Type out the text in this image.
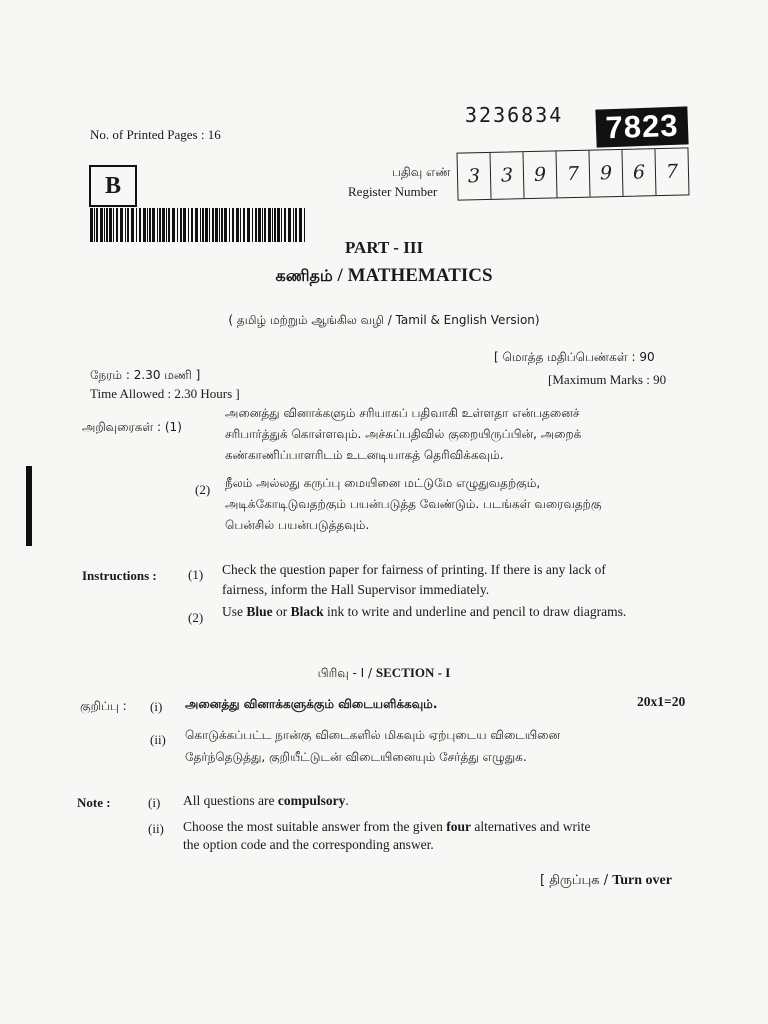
No. of Printed Pages : 16
3236834	7823
B
பதிவு எண்
Register Number
3	3	9	7	9	6	7
PART - III
கணிதம் / MATHEMATICS
( தமிழ் மற்றும் ஆங்கில வழி / Tamil & English Version)
நேரம் : 2.30 மணி ]
Time Allowed : 2.30 Hours ]
[ மொத்த மதிப்பெண்கள் : 90
[Maximum Marks : 90
அறிவுரைகள் : (1)
அனைத்து வினாக்களும் சரியாகப் பதிவாகி உள்ளதா என்பதனைச்
சரிபார்த்துக் கொள்ளவும். அச்சுப்பதிவில் குறையிருப்பின், அறைக்
கண்காணிப்பாளரிடம் உடனடியாகத் தெரிவிக்கவும்.
(2) நீலம் அல்லது கருப்பு மையினை மட்டுமே எழுதுவதற்கும்,
அடிக்கோடிடுவதற்கும் பயன்படுத்த வேண்டும். படங்கள் வரைவதற்கு
பென்சில் பயன்படுத்தவும்.
Instructions : (1) Check the question paper for fairness of printing. If there is any lack of
fairness, inform the Hall Supervisor immediately.
(2) Use Blue or Black ink to write and underline and pencil to draw diagrams.
பிரிவு - I / SECTION - I
குறிப்பு : (i) அனைத்து வினாக்களுக்கும் விடையளிக்கவும்.	20x1=20
(ii) கொடுக்கப்பட்ட நான்கு விடைகளில் மிகவும் ஏற்புடைய விடையினை
தேர்ந்தெடுத்து, குறியீட்டுடன் விடையினையும் சேர்த்து எழுதுக.
Note :	(i) All questions are compulsory.
(ii) Choose the most suitable answer from the given four alternatives and write
the option code and the corresponding answer.
[ திருப்புக / Turn over
